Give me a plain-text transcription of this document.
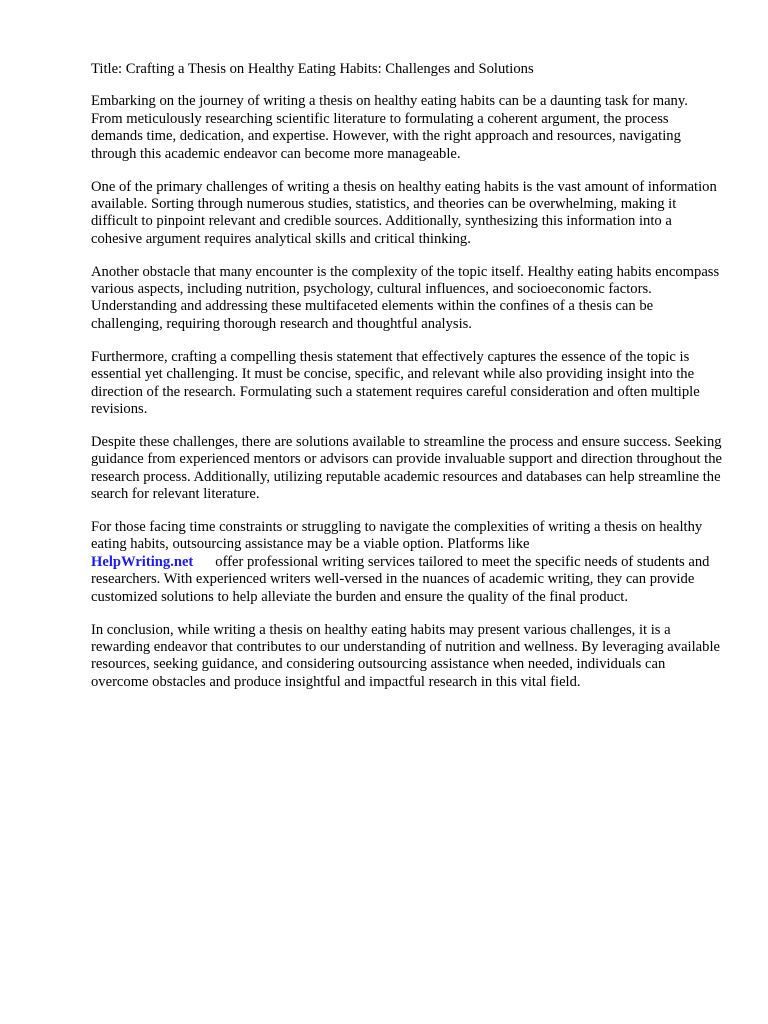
Title: Crafting a Thesis on Healthy Eating Habits: Challenges and Solutions

Embarking on the journey of writing a thesis on healthy eating habits can be a daunting task for many. From meticulously researching scientific literature to formulating a coherent argument, the process demands time, dedication, and expertise. However, with the right approach and resources, navigating through this academic endeavor can become more manageable.

One of the primary challenges of writing a thesis on healthy eating habits is the vast amount of information available. Sorting through numerous studies, statistics, and theories can be overwhelming, making it difficult to pinpoint relevant and credible sources. Additionally, synthesizing this information into a cohesive argument requires analytical skills and critical thinking.

Another obstacle that many encounter is the complexity of the topic itself. Healthy eating habits encompass various aspects, including nutrition, psychology, cultural influences, and socioeconomic factors. Understanding and addressing these multifaceted elements within the confines of a thesis can be challenging, requiring thorough research and thoughtful analysis.

Furthermore, crafting a compelling thesis statement that effectively captures the essence of the topic is essential yet challenging. It must be concise, specific, and relevant while also providing insight into the direction of the research. Formulating such a statement requires careful consideration and often multiple revisions.

Despite these challenges, there are solutions available to streamline the process and ensure success. Seeking guidance from experienced mentors or advisors can provide invaluable support and direction throughout the research process. Additionally, utilizing reputable academic resources and databases can help streamline the search for relevant literature.

For those facing time constraints or struggling to navigate the complexities of writing a thesis on healthy eating habits, outsourcing assistance may be a viable option. Platforms like
HelpWriting.net offer professional writing services tailored to meet the specific needs of students and researchers. With experienced writers well-versed in the nuances of academic writing, they can provide customized solutions to help alleviate the burden and ensure the quality of the final product.

In conclusion, while writing a thesis on healthy eating habits may present various challenges, it is a rewarding endeavor that contributes to our understanding of nutrition and wellness. By leveraging available resources, seeking guidance, and considering outsourcing assistance when needed, individuals can overcome obstacles and produce insightful and impactful research in this vital field.
